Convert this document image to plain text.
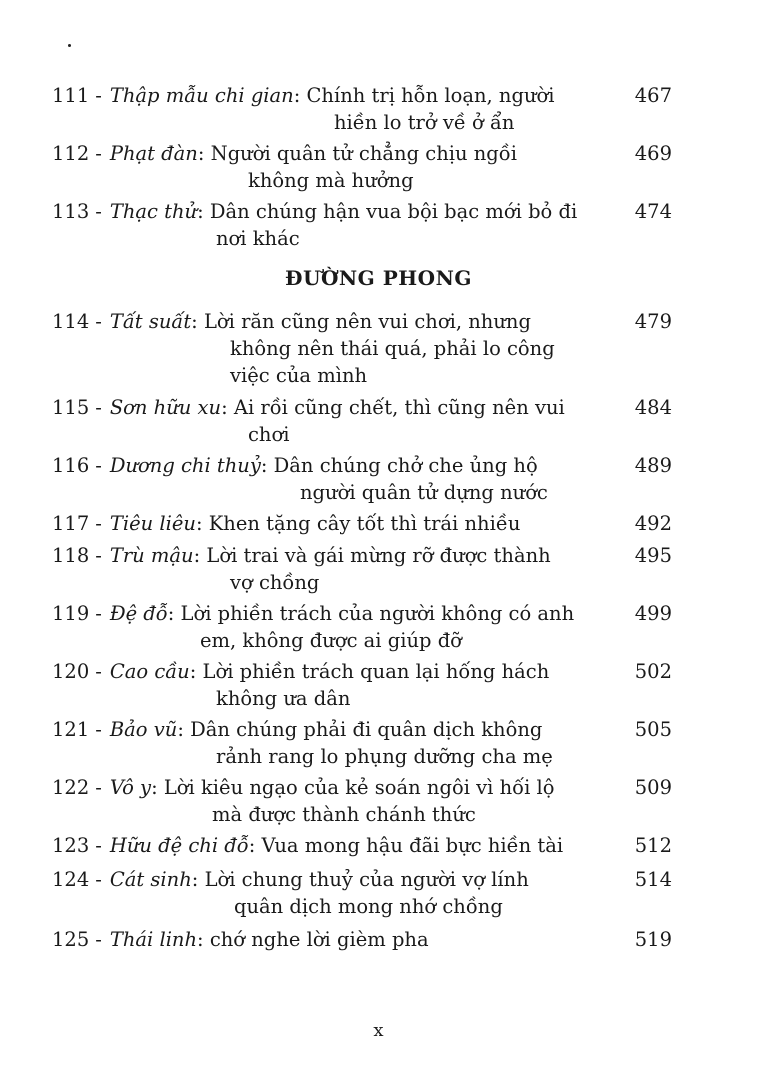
111 - Thập mẫu chi gian: Chính trị hỗn loạn, người	467
hiền lo trở về ở ẩn
112 - Phạt đàn: Người quân tử chẳng chịu ngồi	469
không mà hưởng
113 - Thạc thử: Dân chúng hận vua bội bạc mới bỏ đi	474
nơi khác
ĐƯỜNG PHONG
114 - Tất suất: Lời răn cũng nên vui chơi, nhưng	479
không nên thái quá, phải lo công
việc của mình
115 - Sơn hữu xu: Ai rồi cũng chết, thì cũng nên vui	484
chơi
116 - Dương chi thuỷ: Dân chúng chở che ủng hộ	489
người quân tử dựng nước
117 - Tiêu liêu: Khen tặng cây tốt thì trái nhiều	492
118 - Trù mậu: Lời trai và gái mừng rỡ được thành	495
vợ chồng
119 - Đệ đỗ: Lời phiền trách của người không có anh	499
em, không được ai giúp đỡ
120 - Cao cầu: Lời phiền trách quan lại hống hách	502
không ưa dân
121 - Bảo vũ: Dân chúng phải đi quân dịch không	505
rảnh rang lo phụng dưỡng cha mẹ
122 - Vô y: Lời kiêu ngạo của kẻ soán ngôi vì hối lộ	509
mà được thành chánh thức
123 - Hữu đệ chi đỗ: Vua mong hậu đãi bực hiền tài	512
124 - Cát sinh: Lời chung thuỷ của người vợ lính	514
quân dịch mong nhớ chồng
125 - Thái linh: chớ nghe lời gièm pha	519
x
